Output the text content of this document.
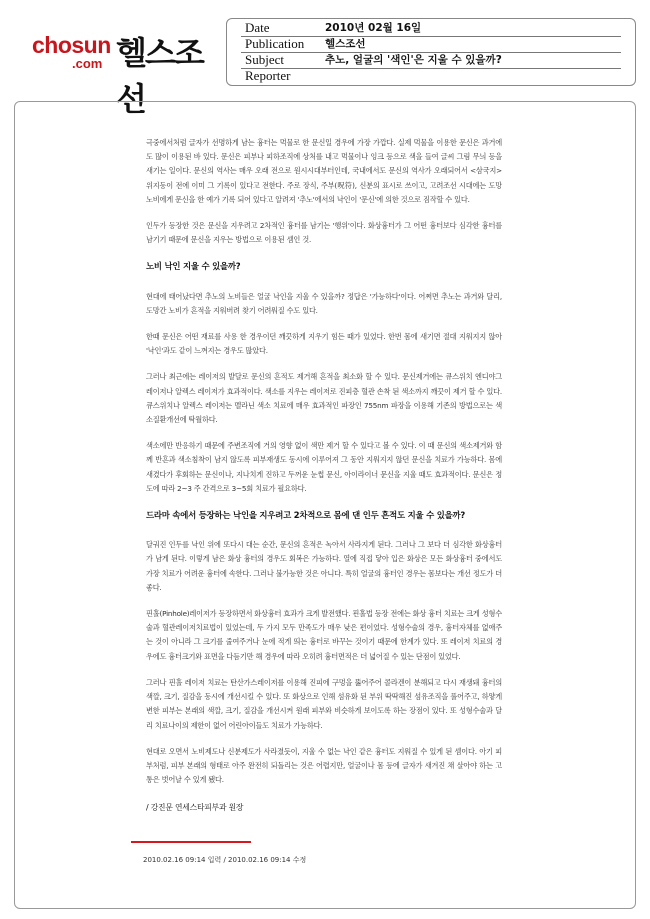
chosun
.com 헬스조선
Date	2010년 02월 16일
Publication 헬스조선
Subject	추노, 얼굴의 '색인'은 지울 수 있을까?
Reporter

극중에서처럼 글자가 선명하게 남는 흉터는 먹물로 한 문신일 경우에 가장 가깝다. 실제 먹물을 이용한 문신은 과거에도 많이 이용된 바 있다. 문신은 피부나 피하조직에 상처를 내고 먹물이나 잉크 등으로 색을 들여 글씨 그림 무늬 등을 새기는 일이다. 문신의 역사는 매우 오래 전으로 원시시대부터인데, 국내에서도 문신의 역사가 오래되어서 <삼국지> 위지동이 전에 이미 그 기록이 있다고 전한다. 주로 장식, 주부(呪符), 신분의 표시로 쓰이고, 고려조선 시대에는 도망 노비에게 문신을 한 예가 기록 되어 있다고 알려져 '추노'에서의 낙인이 '문신'에 의한 것으로 짐작할 수 있다.

인두가 등장한 것은 문신을 지우려고 2차적인 흉터를 남기는 '행위'이다. 화상흉터가 그 어떤 흉터보다 심각한 흉터를 남기기 때문에 문신을 지우는 방법으로 이용된 셈인 것.

노비 낙인 지울 수 있을까?

현대에 태어났다면 추노의 노비들은 얼굴 낙인을 지울 수 있을까? 정답은 '가능하다'이다. 어쩌면 추노는 과거와 달리, 도망간 노비가 흔적을 지워버려 찾기 어려워질 수도 있다.

한때 문신은 어떤 재료를 사용 한 경우이던 깨끗하게 지우기 힘든 때가 있었다. 한번 몸에 새기면 절대 지워지지 않아 '낙인'과도 같이 느껴지는 경우도 많았다.

그러나 최근에는 레이저의 발달로 문신의 흔적도 제거해 흔적을 최소화 할 수 있다. 문신제거에는 큐스위치 엔디야그 레이저나 알렉스 레이저가 효과적이다. 색소를 지우는 레이저로 진피층 혈관 손착 된 색소까지 깨끗이 제거 할 수 있다. 큐스위치나 알렉스 레이저는 멜라닌 색소 치료에 매우 효과적인 파장인 755nm 파장을 이용해 기존의 방법으로는 색소질환개선에 탁월하다.

색소에만 반응하기 때문에 주변조직에 거의 영향 없이 색만 제거 할 수 있다고 볼 수 있다. 이 때 문신의 색소제거와 함께 반흔과 색소침착이 남지 않도록 피부재생도 동시에 이루어져 그 동안 지워지지 않던 문신을 치료가 가능하다. 몸에 새겼다가 후회하는 문신이나, 지나치게 진하고 두꺼운 눈썹 문신, 아이라이너 문신을 지울 때도 효과적이다. 문신은 정도에 따라 2~3 주 간격으로 3~5회 치료가 필요하다.

드라마 속에서 등장하는 낙인을 지우려고 2차적으로 몸에 댄 인두 흔적도 지울 수 있을까?

달궈진 인두를 낙인 위에 또다시 대는 순간, 문신의 흔적은 녹아서 사라지게 된다. 그러나 그 보다 더 심각한 화상흉터가 남게 된다. 이렇게 남은 화상 흉터의 경우도 회복은 가능하다. 열에 직접 닿아 입은 화상은 모든 화상흉터 중에서도 가장 치료가 어려운 흉터에 속한다. 그러나 불가능한 것은 아니다. 특히 얼굴의 흉터인 경우는 몸보다는 개선 정도가 더 좋다.

핀홀(Pinhole)레이저가 등장하면서 화상흉터 효과가 크게 발전했다. 핀홀법 등장 전에는 화상 흉터 치료는 크게 성형수술과 혈관레이저치료법이 있었는데, 두 가지 모두 만족도가 매우 낮은 편이었다. 성형수술의 경우, 흉터자체를 없애주는 것이 아니라 그 크기를 줄여주거나 눈에 적게 띄는 흉터로 바꾸는 것이기 때문에 한계가 있다. 또 레이저 치료의 경우에도 흉터크기와 표면을 다듬기만 해 경우에 따라 오히려 흉터면적은 더 넓어질 수 있는 단점이 있었다.

그러나 핀홀 레이저 치료는 탄산가스레이저를 이용해 진피에 구멍을 뚫어주어 콜라겐이 분해되고 다시 재생돼 흉터의 색깔, 크기, 질감을 동시에 개선시킬 수 있다. 또 화상으로 인해 섬유화 된 부위 딱딱해진 섬유조직을 풀어주고, 하얗게 변한 피부는 본래의 색깔, 크기, 질감을 개선시켜 원래 피부와 비슷하게 보이도록 하는 장점이 있다. 또 성형수술과 달리 치료나이의 제한이 없어 어린아이들도 치료가 가능하다.

현대로 오면서 노비제도나 신분제도가 사라졌듯이, 지울 수 없는 낙인 같은 흉터도 지워질 수 있게 된 셈이다. 아기 피부처럼, 피부 본래의 형태로 아주 완전히 되돌리는 것은 어렵지만, 얼굴이나 몸 등에 글자가 새겨진 채 살아야 하는 고통은 벗어날 수 있게 됐다.

/ 강진문 연세스타피부과 원장
2010.02.16 09:14 입력 / 2010.02.16 09:14 수정
